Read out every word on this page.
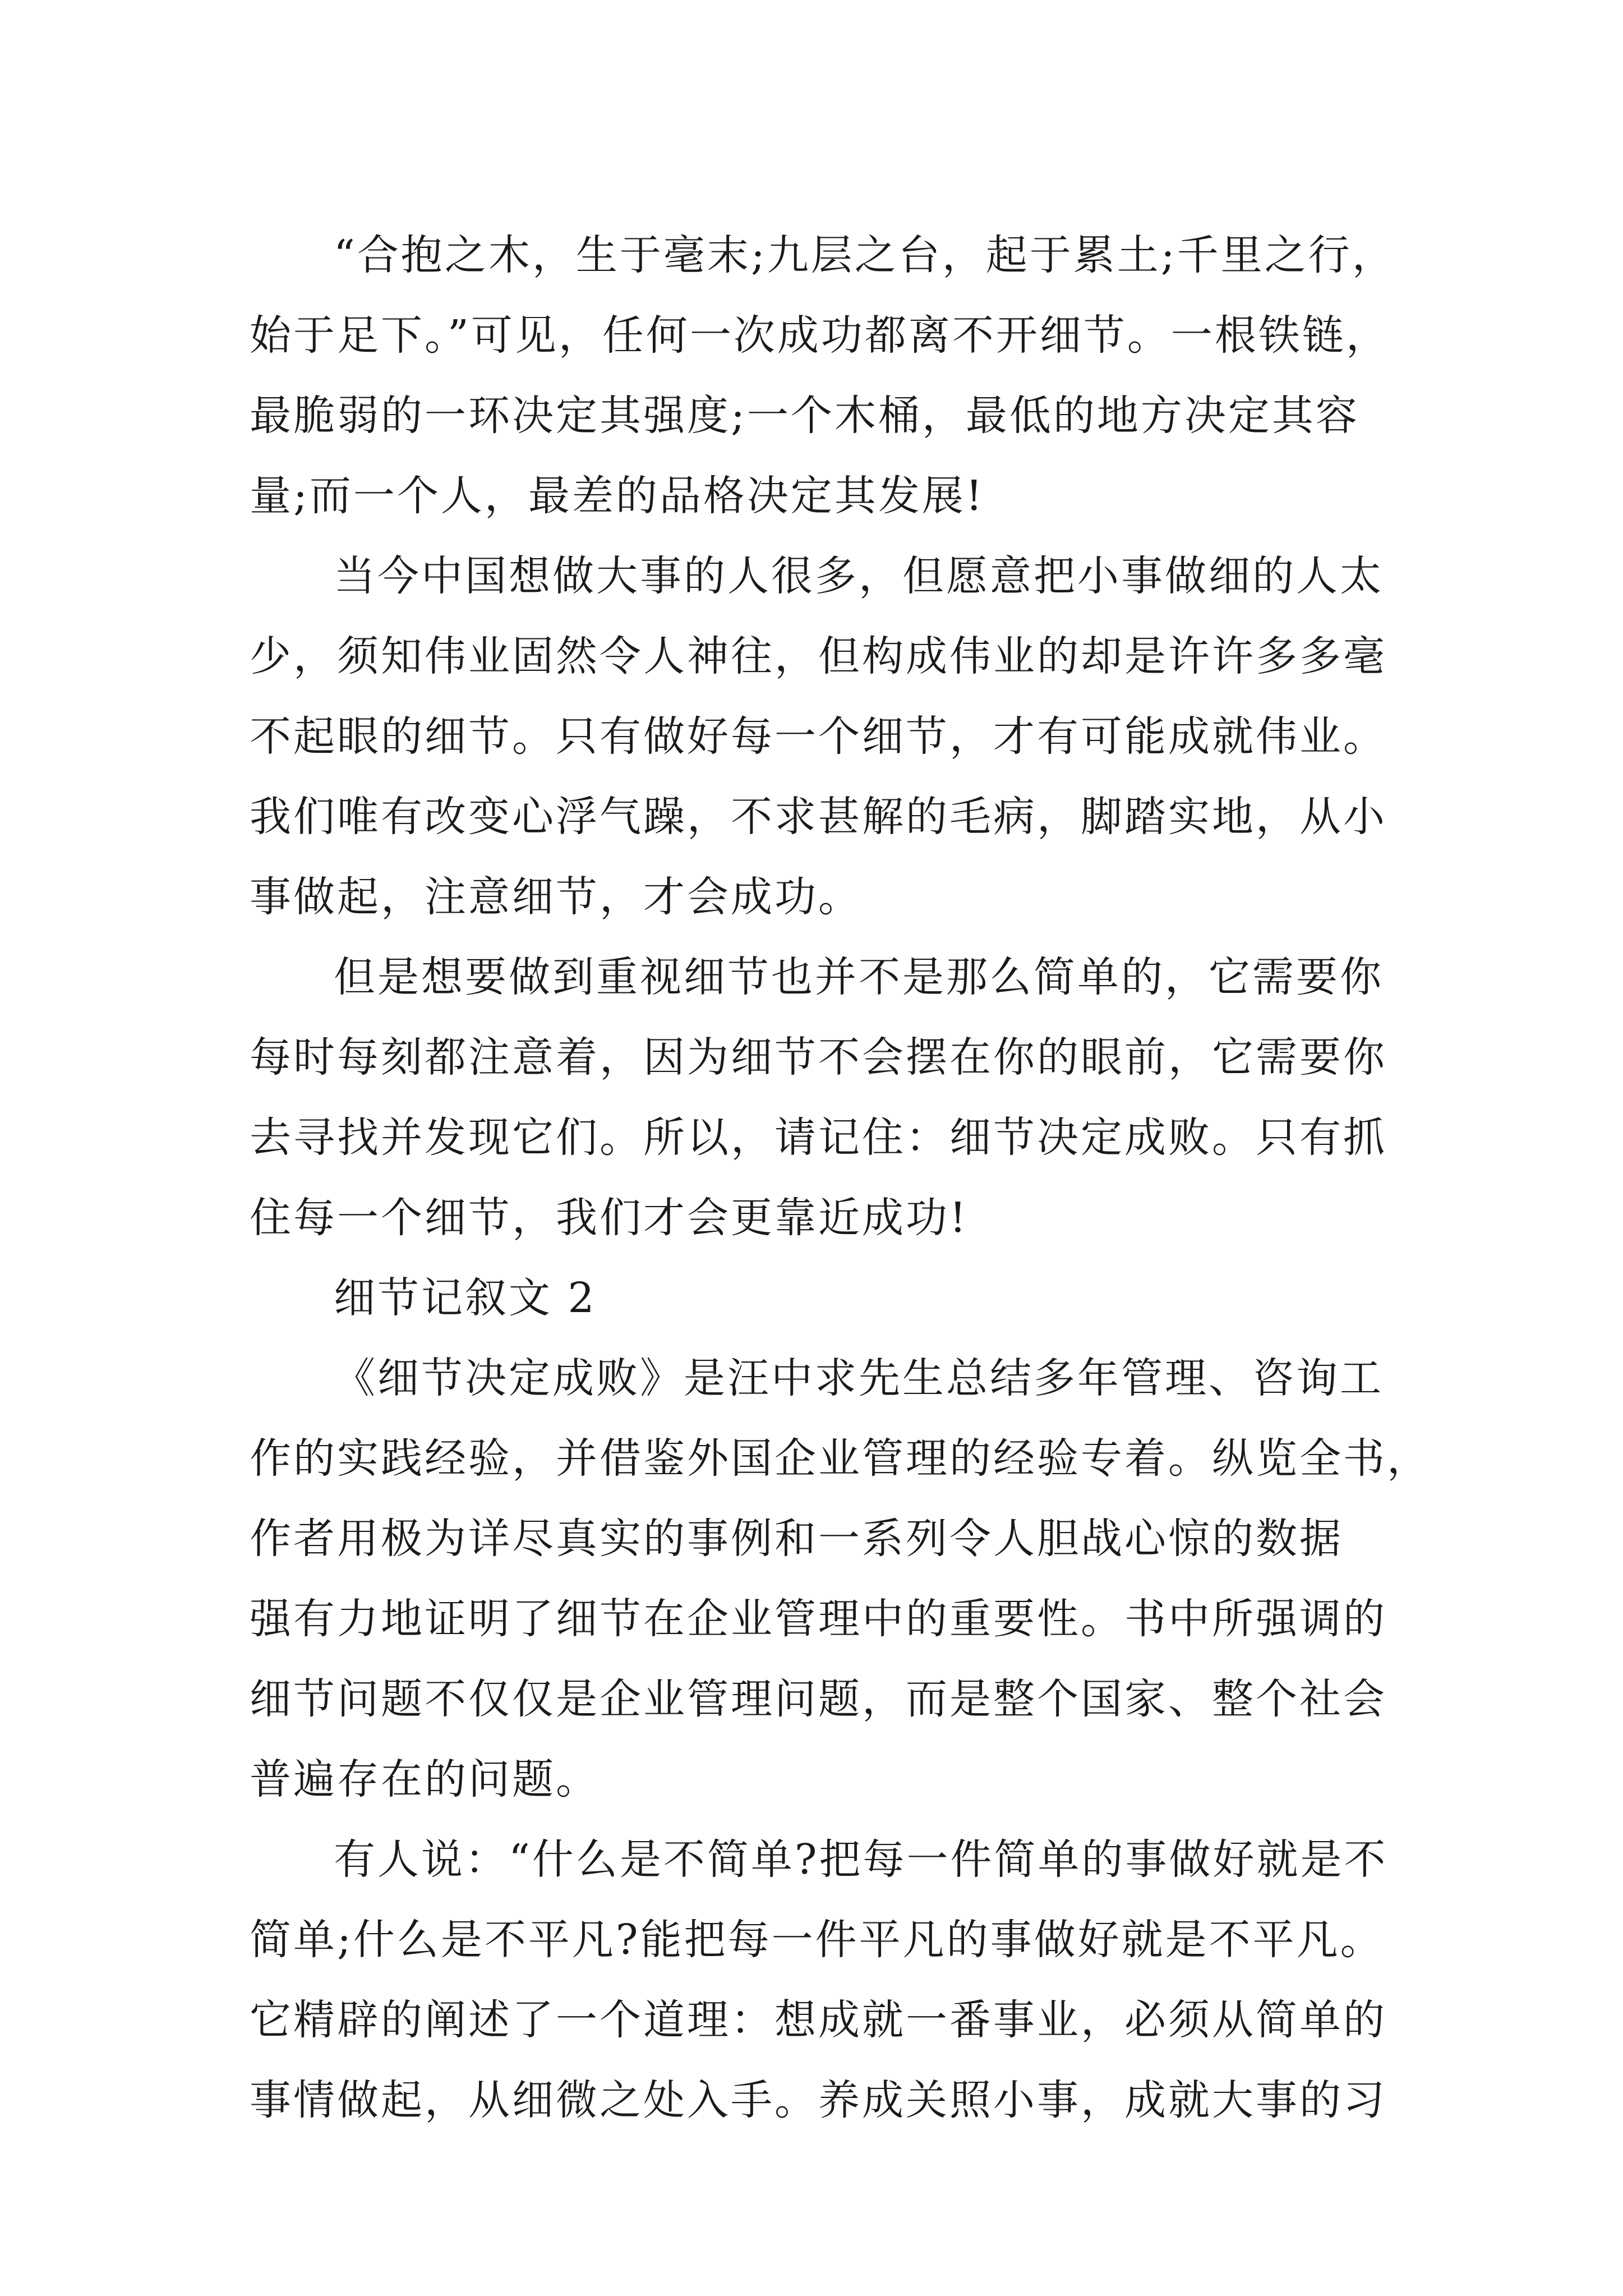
“合抱之木，生于毫末;九层之台，起于累土;千里之行，
始于足下。”可见，任何一次成功都离不开细节。一根铁链，
最脆弱的一环决定其强度;一个木桶，最低的地方决定其容
量;而一个人，最差的品格决定其发展!
当今中国想做大事的人很多，但愿意把小事做细的人太
少，须知伟业固然令人神往，但构成伟业的却是许许多多毫
不起眼的细节。只有做好每一个细节，才有可能成就伟业。
我们唯有改变心浮气躁，不求甚解的毛病，脚踏实地，从小
事做起，注意细节，才会成功。
但是想要做到重视细节也并不是那么简单的，它需要你
每时每刻都注意着，因为细节不会摆在你的眼前，它需要你
去寻找并发现它们。所以，请记住：细节决定成败。只有抓
住每一个细节，我们才会更靠近成功!
细节记叙文 2
《细节决定成败》是汪中求先生总结多年管理、咨询工
作的实践经验，并借鉴外国企业管理的经验专着。纵览全书，
作者用极为详尽真实的事例和一系列令人胆战心惊的数据
强有力地证明了细节在企业管理中的重要性。书中所强调的
细节问题不仅仅是企业管理问题，而是整个国家、整个社会
普遍存在的问题。
有人说：“什么是不简单?把每一件简单的事做好就是不
简单;什么是不平凡?能把每一件平凡的事做好就是不平凡。
它精辟的阐述了一个道理：想成就一番事业，必须从简单的
事情做起，从细微之处入手。养成关照小事，成就大事的习
